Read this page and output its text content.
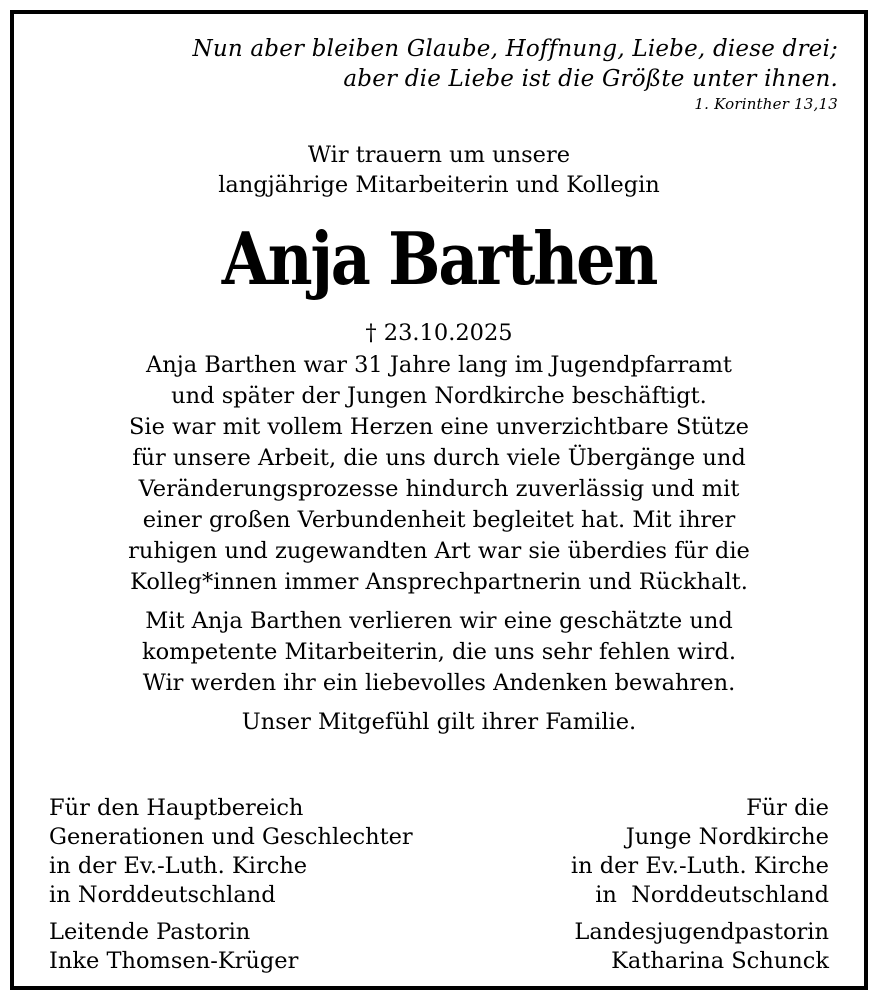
Nun aber bleiben Glaube, Hoffnung, Liebe, diese drei;
aber die Liebe ist die Größte unter ihnen.
1. Korinther 13,13
Wir trauern um unsere
langjährige Mitarbeiterin und Kollegin
Anja Barthen
† 23.10.2025

Anja Barthen war 31 Jahre lang im Jugendpfarramt
und später der Jungen Nordkirche beschäftigt.
Sie war mit vollem Herzen eine unverzichtbare Stütze
für unsere Arbeit, die uns durch viele Übergänge und
Veränderungsprozesse hindurch zuverlässig und mit
einer großen Verbundenheit begleitet hat. Mit ihrer
ruhigen und zugewandten Art war sie überdies für die
Kolleg*innen immer Ansprechpartnerin und Rückhalt.

Mit Anja Barthen verlieren wir eine geschätzte und
kompetente Mitarbeiterin, die uns sehr fehlen wird.
Wir werden ihr ein liebevolles Andenken bewahren.

Unser Mitgefühl gilt ihrer Familie.

Für den Hauptbereich
Generationen und Geschlechter
in der Ev.-Luth. Kirche
in Norddeutschland
Leitende Pastorin
Inke Thomsen-Krüger
Für die
Junge Nordkirche
in der Ev.-Luth. Kirche
in  Norddeutschland
Landesjugendpastorin
Katharina Schunck
